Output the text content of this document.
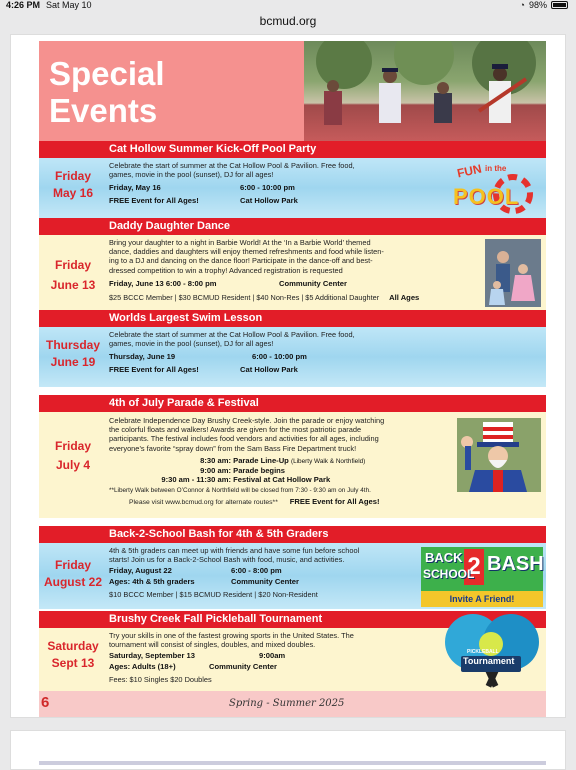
4:26 PM Sat May 10	◔ 98%
bcmud.org
Special
Events
Cat Hollow Summer Kick-Off Pool Party
Friday
May 16
Celebrate the start of summer at the Cat Hollow Pool & Pavilion. Free food,
games, movie in the pool (sunset), DJ for all ages!
Friday, May 16	6:00 - 10:00 pm
FREE Event for All Ages!	Cat Hollow Park
FUN in the
POOL
Daddy Daughter Dance
Friday
June 13
Bring your daughter to a night in Barbie World! At the ‘In a Barbie World’ themed
dance, daddies and daughters will enjoy themed refreshments and food while listen-
ing to a DJ and dancing on the dance floor! Participate in the dance-off and best-
dressed competition to win a trophy! Advanced registration is requested
Friday, June 13 6:00 - 8:00 pm	Community Center
$25 BCCC Member | $30 BCMUD Resident | $40 Non-Res | $5 Additional Daughter All Ages
Worlds Largest Swim Lesson
Thursday
June 19
Celebrate the start of summer at the Cat Hollow Pool & Pavilion. Free food,
games, movie in the pool (sunset), DJ for all ages!
Thursday, June 19	6:00 - 10:00 pm
FREE Event for All Ages!	Cat Hollow Park
4th of July Parade & Festival
Friday
July 4
Celebrate Independence Day Brushy Creek-style. Join the parade or enjoy watching
the colorful floats and walkers! Awards are given for the most patriotic parade
participants. The festival includes food vendors and activities for all ages, including
everyone’s favorite “spray down” from the Sam Bass Fire Department truck!
8:30 am: Parade Line-Up (Liberty Walk & Northfield)
9:00 am: Parade begins
9:30 am - 11:30 am: Festival at Cat Hollow Park
**Liberty Walk between O’Connor & Northfield will be closed from 7:30 - 9:30 am on July 4th.
Please visit www.bcmud.org for alternate routes** FREE Event for All Ages!
Back-2-School Bash for 4th & 5th Graders
Friday
August 22
4th & 5th graders can meet up with friends and have some fun before school
starts! Join us for a Back-2-School Bash with food, music, and activities.
Friday, August 22	6:00 - 8:00 pm
Ages: 4th & 5th graders	Community Center
$10 BCCC Member | $15 BCMUD Resident | $20 Non-Resident
BACK 2
SCHOOL BASH
Invite A Friend!
Brushy Creek Fall Pickleball Tournament
Saturday
Sept 13
Try your skills in one of the fastest growing sports in the United States. The
tournament will consist of singles, doubles, and mixed doubles.
Saturday, September 13	9:00am
Ages: Adults (18+)	Community Center
Fees: $10 Singles $20 Doubles
PICKLEBALL
Tournament
6	Spring - Summer 2025
